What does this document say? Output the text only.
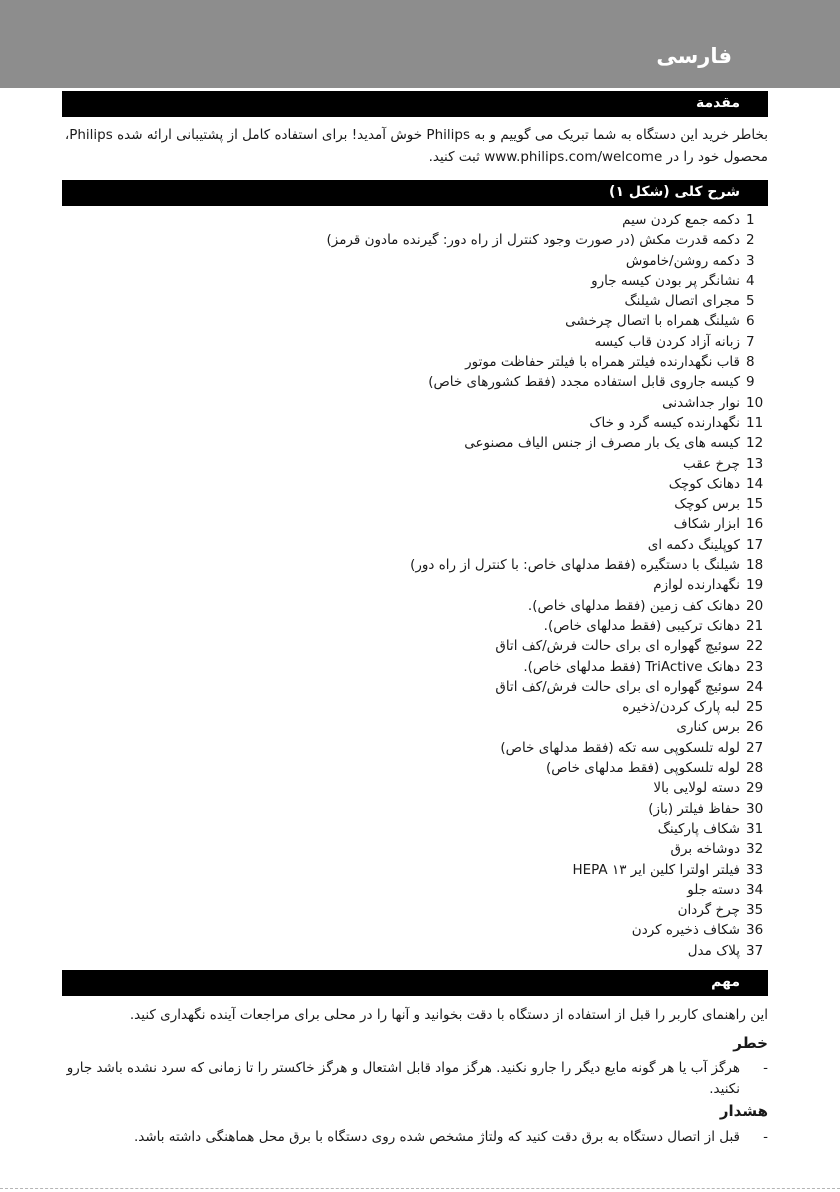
فارسی
مقدمة
بخاطر خرید این دستگاه به شما تبریک می گوییم و به Philips خوش آمدید! برای استفاده کامل از پشتیبانی ارائه شده Philips،
محصول خود را در www.philips.com/welcome ثبت کنید.
شرح کلی (شکل ۱)
1
دکمه جمع کردن سیم
2
دکمه قدرت مکش (در صورت وجود کنترل از راه دور: گیرنده مادون قرمز)
3
دکمه روشن/خاموش
4
نشانگر پر بودن کیسه جارو
5
مجرای اتصال شیلنگ
6
شیلنگ همراه با اتصال چرخشی
7
زبانه آزاد کردن قاب کیسه
8
قاب نگهدارنده فیلتر همراه با فیلتر حفاظت موتور
9
کیسه جاروی قابل استفاده مجدد (فقط کشورهای خاص)
10
نوار جداشدنی
11
نگهدارنده کیسه گرد و خاک
12
کیسه های یک بار مصرف از جنس الیاف مصنوعی
13
چرخ عقب
14
دهانک کوچک
15
برس کوچک
16
ابزار شکاف
17
کوپلینگ دکمه ای
18
شیلنگ با دستگیره (فقط مدلهای خاص: با کنترل از راه دور)
19
نگهدارنده لوازم
20
دهانک کف زمین (فقط مدلهای خاص).
21
دهانک ترکیبی (فقط مدلهای خاص).
22
سوئیچ گهواره ای برای حالت فرش/کف اتاق
23
دهانک TriActive (فقط مدلهای خاص).
24
سوئیچ گهواره ای برای حالت فرش/کف اتاق
25
لبه پارک کردن/ذخیره
26
برس کناری
27
لوله تلسکوپی سه تکه (فقط مدلهای خاص)
28
لوله تلسکوپی (فقط مدلهای خاص)
29
دسته لولایی بالا
30
حفاظ فیلتر (باز)
31
شکاف پارکینگ
32
دوشاخه برق
33
فیلتر اولترا کلین ایر HEPA ۱۳
34
دسته جلو
35
چرخ گردان
36
شکاف ذخیره کردن
37
پلاک مدل
مهم
این راهنمای کاربر را قبل از استفاده از دستگاه با دقت بخوانید و آنها را در محلی برای مراجعات آینده نگهداری کنید.
خطر
-
هرگز آب یا هر گونه مایع دیگر را جارو نکنید. هرگز مواد قابل اشتعال و هرگز خاکستر را تا زمانی که سرد نشده باشد جارو
نکنید.
هشدار
-
قبل از اتصال دستگاه به برق دقت کنید که ولتاژ مشخص شده روی دستگاه با برق محل هماهنگی داشته باشد.
